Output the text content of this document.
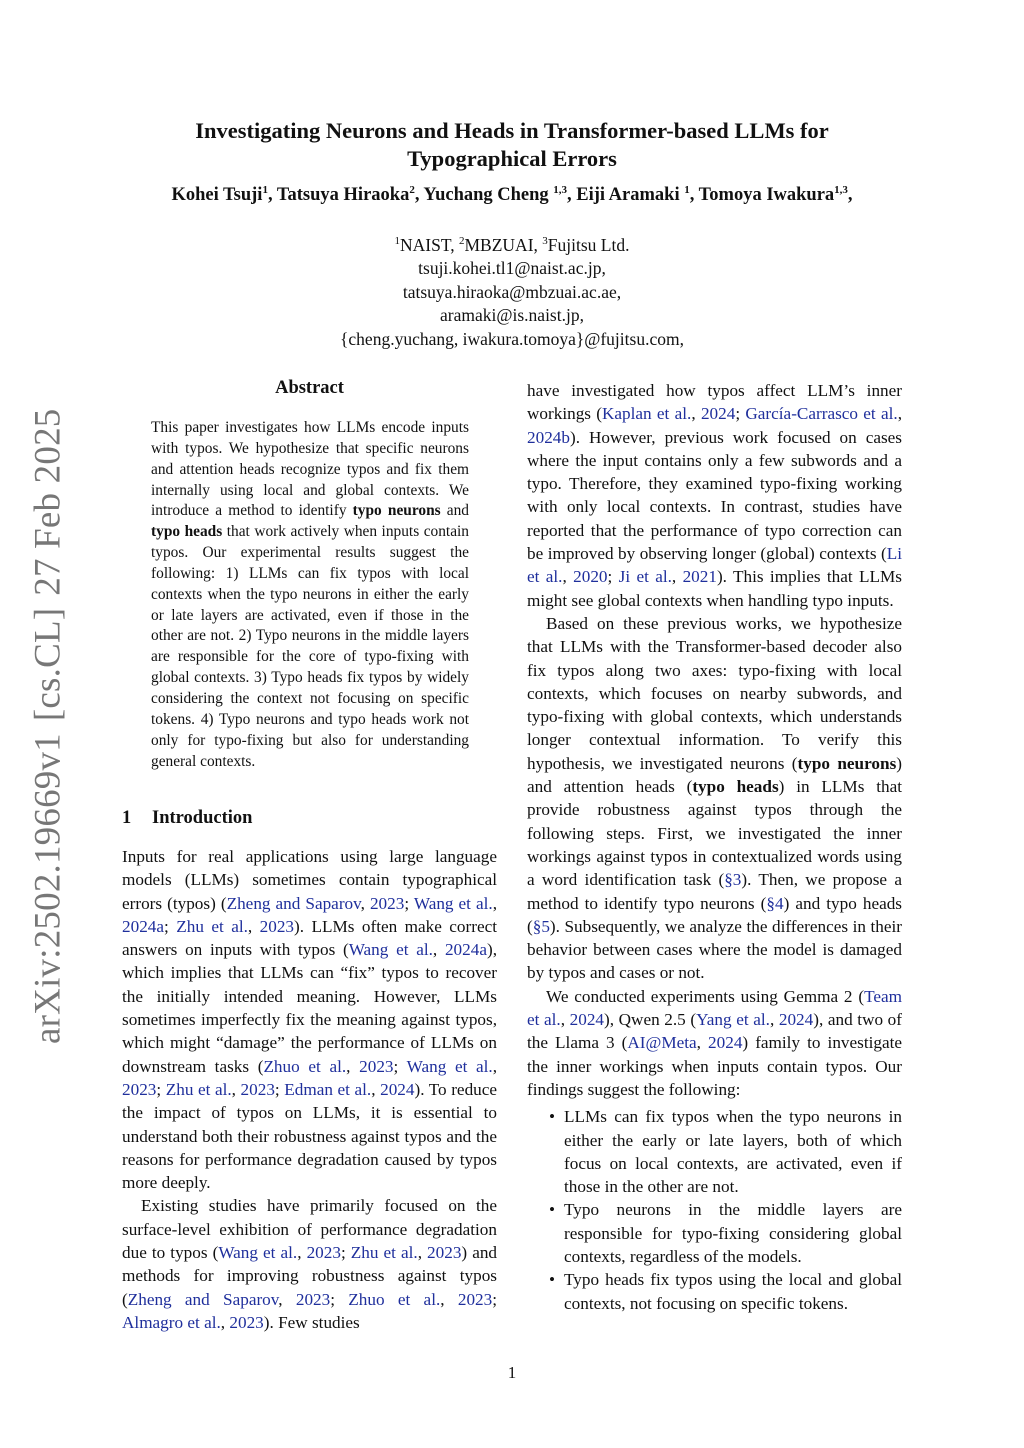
arXiv:2502.19669v1[cs.CL]27 Feb 2025
Investigating Neurons and Heads in Transformer-based LLMs for
Typographical Errors
Kohei Tsuji$^1$, Tatsuya Hiraoka$^2$, Yuchang Cheng $^{1,3}$, Eiji Aramaki $^1$, Tomoya Iwakura$^{1,3}$,
$^1$NAIST, $^2$MBZUAI, $^3$Fujitsu Ltd.
tsuji.kohei.tl1@naist.ac.jp,
tatsuya.hiraoka@mbzuai.ac.ae,
aramaki@is.naist.jp,
{cheng.yuchang, iwakura.tomoya}@fujitsu.com,
Abstract
This paper investigates how LLMs encode inputs with typos. We hypothesize that specific neurons and attention heads recognize typos and fix them internally using local and global contexts. We introduce a method to identify typo neurons and typo heads that work actively when inputs contain typos. Our experimental results suggest the following: 1) LLMs can fix typos with local contexts when the typo neurons in either the early or late layers are activated, even if those in the other are not. 2) Typo neurons in the middle layers are responsible for the core of typo-fixing with global contexts. 3) Typo heads fix typos by widely considering the context not focusing on specific tokens. 4) Typo neurons and typo heads work not only for typo-fixing but also for understanding general contexts.
1 Introduction

Inputs for real applications using large language models (LLMs) sometimes contain typographical errors (typos) (Zheng and Saparov, 2023; Wang et al., 2024a; Zhu et al., 2023). LLMs often make correct answers on inputs with typos (Wang et al., 2024a), which implies that LLMs can “fix” typos to recover the initially intended meaning. However, LLMs sometimes imperfectly fix the meaning against typos, which might “damage” the performance of LLMs on downstream tasks (Zhuo et al., 2023; Wang et al., 2023; Zhu et al., 2023; Edman et al., 2024). To reduce the impact of typos on LLMs, it is essential to understand both their robustness against typos and the reasons for performance degradation caused by typos more deeply.

Existing studies have primarily focused on the surface-level exhibition of performance degradation due to typos (Wang et al., 2023; Zhu et al., 2023) and methods for improving robustness against typos (Zheng and Saparov, 2023; Zhuo et al., 2023; Almagro et al., 2023). Few studies

have investigated how typos affect LLM’s inner workings (Kaplan et al., 2024; García-Carrasco et al., 2024b). However, previous work focused on cases where the input contains only a few subwords and a typo. Therefore, they examined typo-fixing working with only local contexts. In contrast, studies have reported that the performance of typo correction can be improved by observing longer (global) contexts (Li et al., 2020; Ji et al., 2021). This implies that LLMs might see global contexts when handling typo inputs.

Based on these previous works, we hypothesize that LLMs with the Transformer-based decoder also fix typos along two axes: typo-fixing with local contexts, which focuses on nearby subwords, and typo-fixing with global contexts, which understands longer contextual information. To verify this hypothesis, we investigated neurons (typo neurons) and attention heads (typo heads) in LLMs that provide robustness against typos through the following steps. First, we investigated the inner workings against typos in contextualized words using a word identification task (§3). Then, we propose a method to identify typo neurons (§4) and typo heads (§5). Subsequently, we analyze the differences in their behavior between cases where the model is damaged by typos and cases or not.

We conducted experiments using Gemma 2 (Team et al., 2024), Qwen 2.5 (Yang et al., 2024), and two of the Llama 3 (AI@Meta, 2024) family to investigate the inner workings when inputs contain typos. Our findings suggest the following:

• LLMs can fix typos when the typo neurons in either the early or late layers, both of which focus on local contexts, are activated, even if those in the other are not.
• Typo neurons in the middle layers are responsible for typo-fixing considering global contexts, regardless of the models.
• Typo heads fix typos using the local and global contexts, not focusing on specific tokens.
1
